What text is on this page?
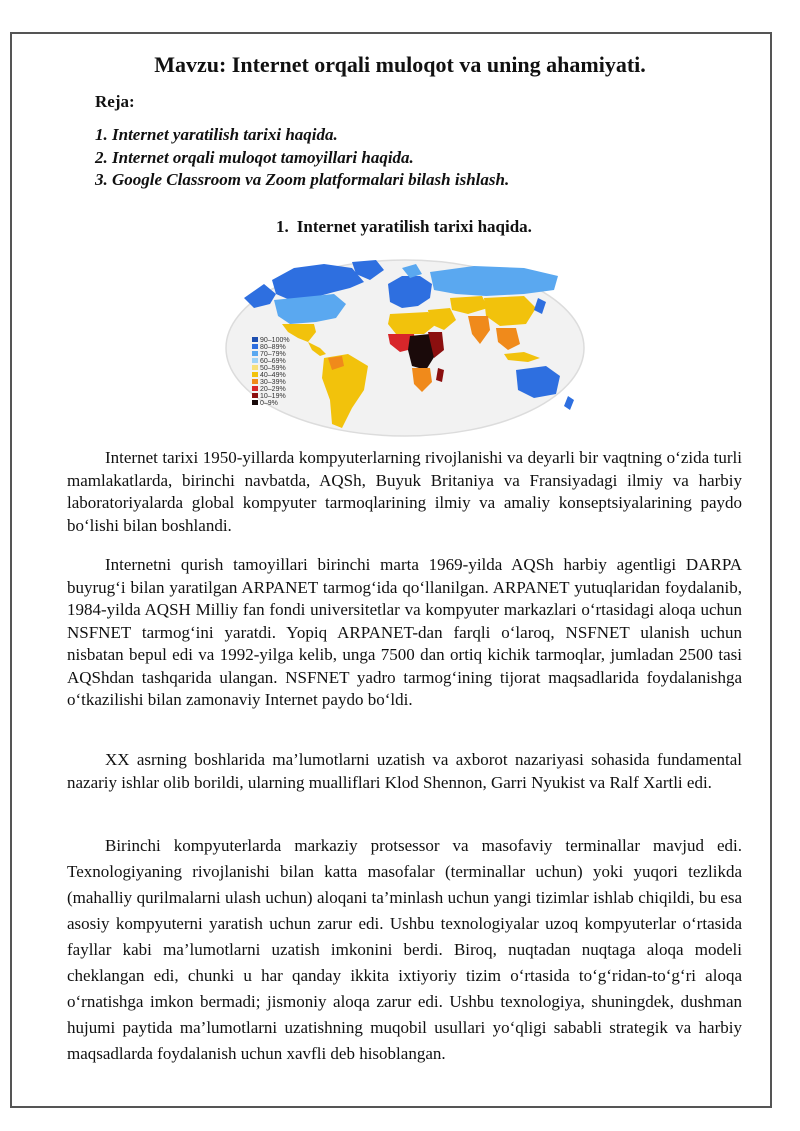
Mavzu: Internet orqali muloqot va uning ahamiyati.
Reja:
1. Internet yaratilish tarixi haqida.
2. Internet orqali muloqot tamoyillari haqida.
3. Google Classroom va Zoom platformalari bilash ishlash.
1. Internet yaratilish tarixi haqida.
90–100%
80–89%
70–79%
60–69%
50–59%
40–49%
30–39%
20–29%
10–19%
0–9%

Internet tarixi 1950-yillarda kompyuterlarning rivojlanishi va deyarli bir vaqtning o‘zida turli mamlakatlarda, birinchi navbatda, AQSh, Buyuk Britaniya va Fransiyadagi ilmiy va harbiy laboratoriyalarda global kompyuter tarmoqlarining ilmiy va amaliy konseptsiyalarining paydo bo‘lishi bilan boshlandi.

Internetni qurish tamoyillari birinchi marta 1969-yilda AQSh harbiy agentligi DARPA buyrug‘i bilan yaratilgan ARPANET tarmog‘ida qo‘llanilgan. ARPANET yutuqlaridan foydalanib, 1984-yilda AQSH Milliy fan fondi universitetlar va kompyuter markazlari o‘rtasidagi aloqa uchun NSFNET tarmog‘ini yaratdi. Yopiq ARPANET-dan farqli o‘laroq, NSFNET ulanish uchun nisbatan bepul edi va 1992-yilga kelib, unga 7500 dan ortiq kichik tarmoqlar, jumladan 2500 tasi AQShdan tashqarida ulangan. NSFNET yadro tarmog‘ining tijorat maqsadlarida foydalanishga o‘tkazilishi bilan zamonaviy Internet paydo bo‘ldi.

XX asrning boshlarida ma’lumotlarni uzatish va axborot nazariyasi sohasida fundamental nazariy ishlar olib borildi, ularning mualliflari Klod Shennon, Garri Nyukist va Ralf Xartli edi.

Birinchi kompyuterlarda markaziy protsessor va masofaviy terminallar mavjud edi. Texnologiyaning rivojlanishi bilan katta masofalar (terminallar uchun) yoki yuqori tezlikda (mahalliy qurilmalarni ulash uchun) aloqani ta’minlash uchun yangi tizimlar ishlab chiqildi, bu esa asosiy kompyuterni yaratish uchun zarur edi. Ushbu texnologiyalar uzoq kompyuterlar o‘rtasida fayllar kabi ma’lumotlarni uzatish imkonini berdi. Biroq, nuqtadan nuqtaga aloqa modeli cheklangan edi, chunki u har qanday ikkita ixtiyoriy tizim o‘rtasida to‘g‘ridan-to‘g‘ri aloqa o‘rnatishga imkon bermadi; jismoniy aloqa zarur edi. Ushbu texnologiya, shuningdek, dushman hujumi paytida ma’lumotlarni uzatishning muqobil usullari yo‘qligi sababli strategik va harbiy maqsadlarda foydalanish uchun xavfli deb hisoblangan.
